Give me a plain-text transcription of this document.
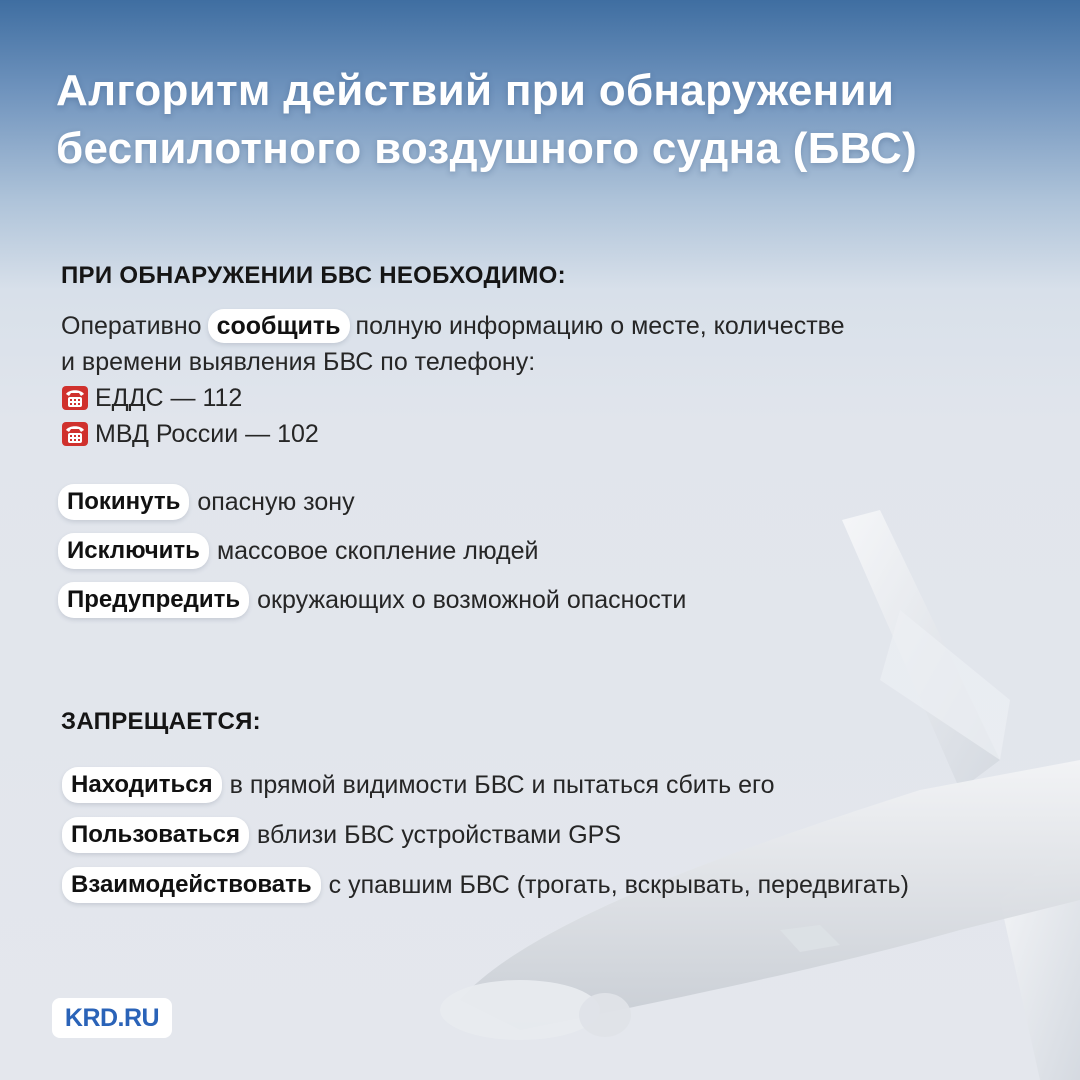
Алгоритм действий при обнаружении
беспилотного воздушного судна (БВС)
ПРИ ОБНАРУЖЕНИИ БВС НЕОБХОДИМО:
Оперативно сообщить полную информацию о месте, количестве
и времени выявления БВС по телефону:
ЕДДС — 112
МВД России — 102
Покинуть опасную зону
Исключить массовое скопление людей
Предупредить окружающих о возможной опасности
ЗАПРЕЩАЕТСЯ:
Находиться в прямой видимости БВС и пытаться сбить его
Пользоваться вблизи БВС устройствами GPS
Взаимодействовать с упавшим БВС (трогать, вскрывать, передвигать)
KRD.RU
